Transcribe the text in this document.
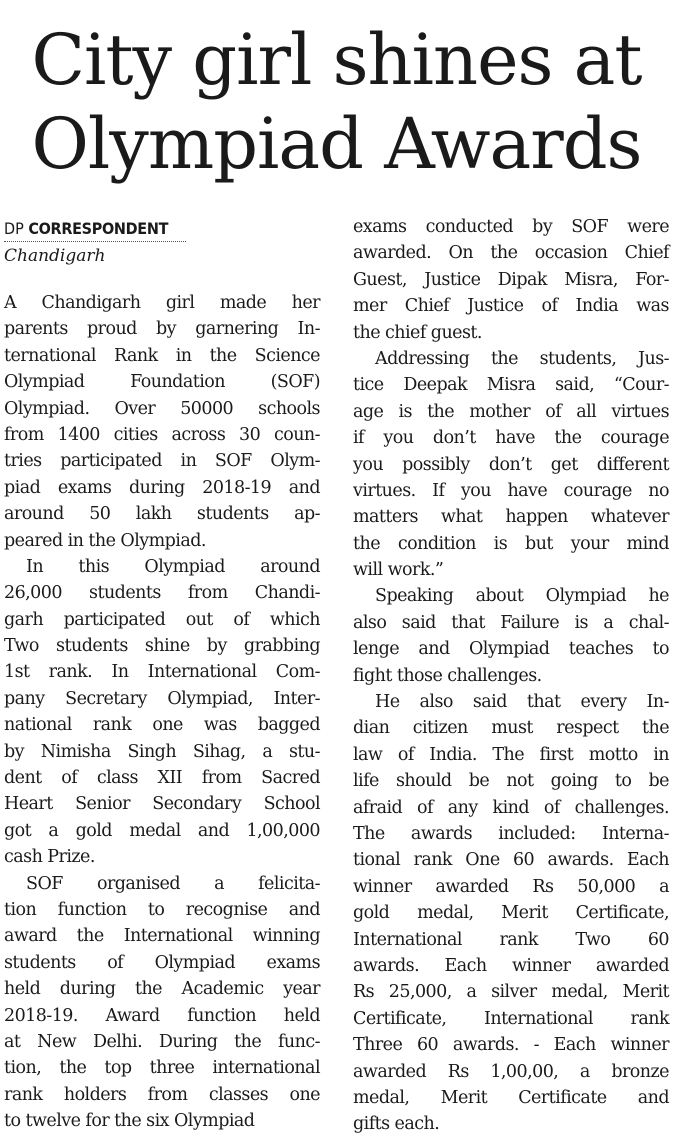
City girl shines at
Olympiad Awards
DP CORRESPONDENT
Chandigarh
A Chandigarh girl made her
parents proud by garnering In-
ternational Rank in the Science
Olympiad Foundation (SOF)
Olympiad. Over 50000 schools
from 1400 cities across 30 coun-
tries participated in SOF Olym-
piad exams during 2018-19 and
around 50 lakh students ap-
peared in the Olympiad.
In this Olympiad around
26,000 students from Chandi-
garh participated out of which
Two students shine by grabbing
1st rank. In International Com-
pany Secretary Olympiad, Inter-
national rank one was bagged
by Nimisha Singh Sihag, a stu-
dent of class XII from Sacred
Heart Senior Secondary School
got a gold medal and 1,00,000
cash Prize.
SOF organised a felicita-
tion function to recognise and
award the International winning
students of Olympiad exams
held during the Academic year
2018-19. Award function held
at New Delhi. During the func-
tion, the top three international
rank holders from classes one
to twelve for the six Olympiad
exams conducted by SOF were
awarded. On the occasion Chief
Guest, Justice Dipak Misra, For-
mer Chief Justice of India was
the chief guest.
Addressing the students, Jus-
tice Deepak Misra said, “Cour-
age is the mother of all virtues
if you don’t have the courage
you possibly don’t get different
virtues. If you have courage no
matters what happen whatever
the condition is but your mind
will work.”
Speaking about Olympiad he
also said that Failure is a chal-
lenge and Olympiad teaches to
fight those challenges.
He also said that every In-
dian citizen must respect the
law of India. The first motto in
life should be not going to be
afraid of any kind of challenges.
The awards included: Interna-
tional rank One 60 awards. Each
winner awarded Rs 50,000 a
gold medal, Merit Certificate,
International rank Two 60
awards. Each winner awarded
Rs 25,000, a silver medal, Merit
Certificate, International rank
Three 60 awards. - Each winner
awarded Rs 1,00,00, a bronze
medal, Merit Certificate and
gifts each.
